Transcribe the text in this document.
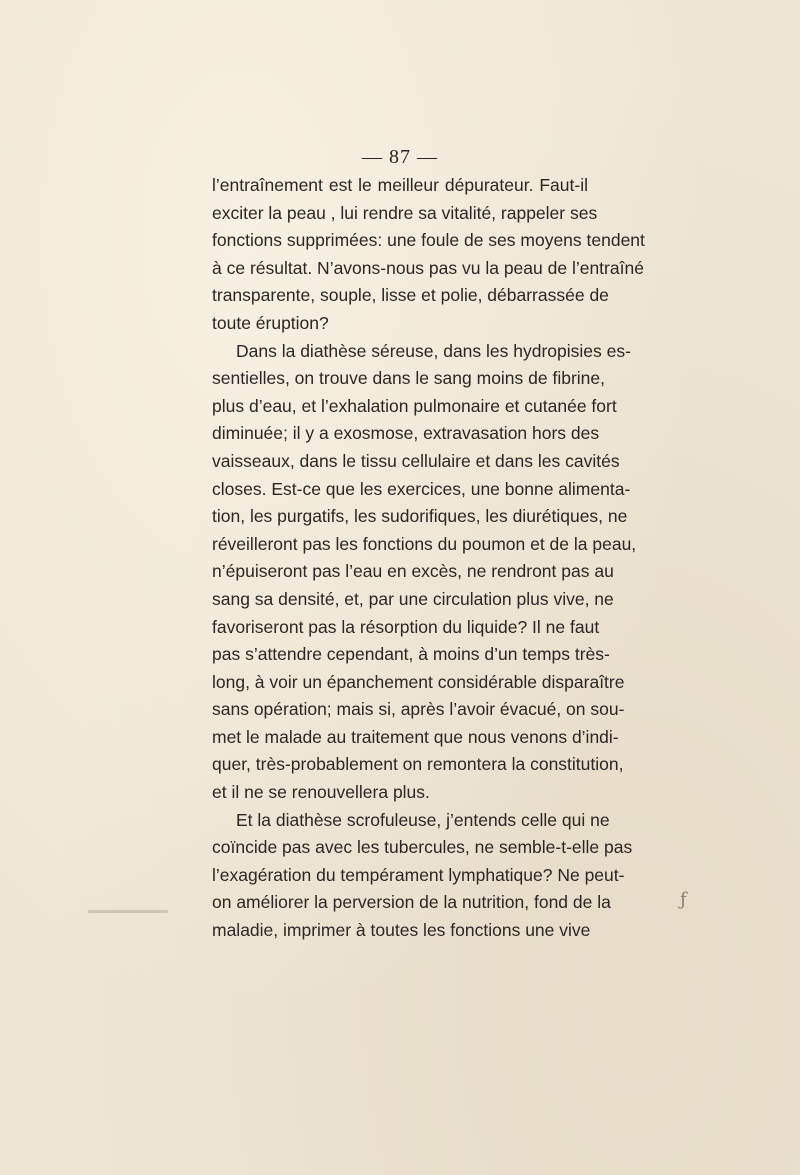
— 87 —
l’entraînement est le meilleur dépurateur. Faut-il
exciter la peau , lui rendre sa vitalité, rappeler ses
fonctions supprimées: une foule de ses moyens tendent
à ce résultat. N’avons-nous pas vu la peau de l’entraîné
transparente, souple, lisse et polie, débarrassée de
toute éruption?
Dans la diathèse séreuse, dans les hydropisies es-
sentielles, on trouve dans le sang moins de fibrine,
plus d’eau, et l’exhalation pulmonaire et cutanée fort
diminuée; il y a exosmose, extravasation hors des
vaisseaux, dans le tissu cellulaire et dans les cavités
closes. Est-ce que les exercices, une bonne alimenta-
tion, les purgatifs, les sudorifiques, les diurétiques, ne
réveilleront pas les fonctions du poumon et de la peau,
n’épuiseront pas l’eau en excès, ne rendront pas au
sang sa densité, et, par une circulation plus vive, ne
favoriseront pas la résorption du liquide? Il ne faut
pas s’attendre cependant, à moins d’un temps très-
long, à voir un épanchement considérable disparaître
sans opération; mais si, après l’avoir évacué, on sou-
met le malade au traitement que nous venons d’indi-
quer, très-probablement on remontera la constitution,
et il ne se renouvellera plus.
Et la diathèse scrofuleuse, j’entends celle qui ne
coïncide pas avec les tubercules, ne semble-t-elle pas
l’exagération du tempérament lymphatique? Ne peut-
on améliorer la perversion de la nutrition, fond de la
maladie, imprimer à toutes les fonctions une vive
ƒ
